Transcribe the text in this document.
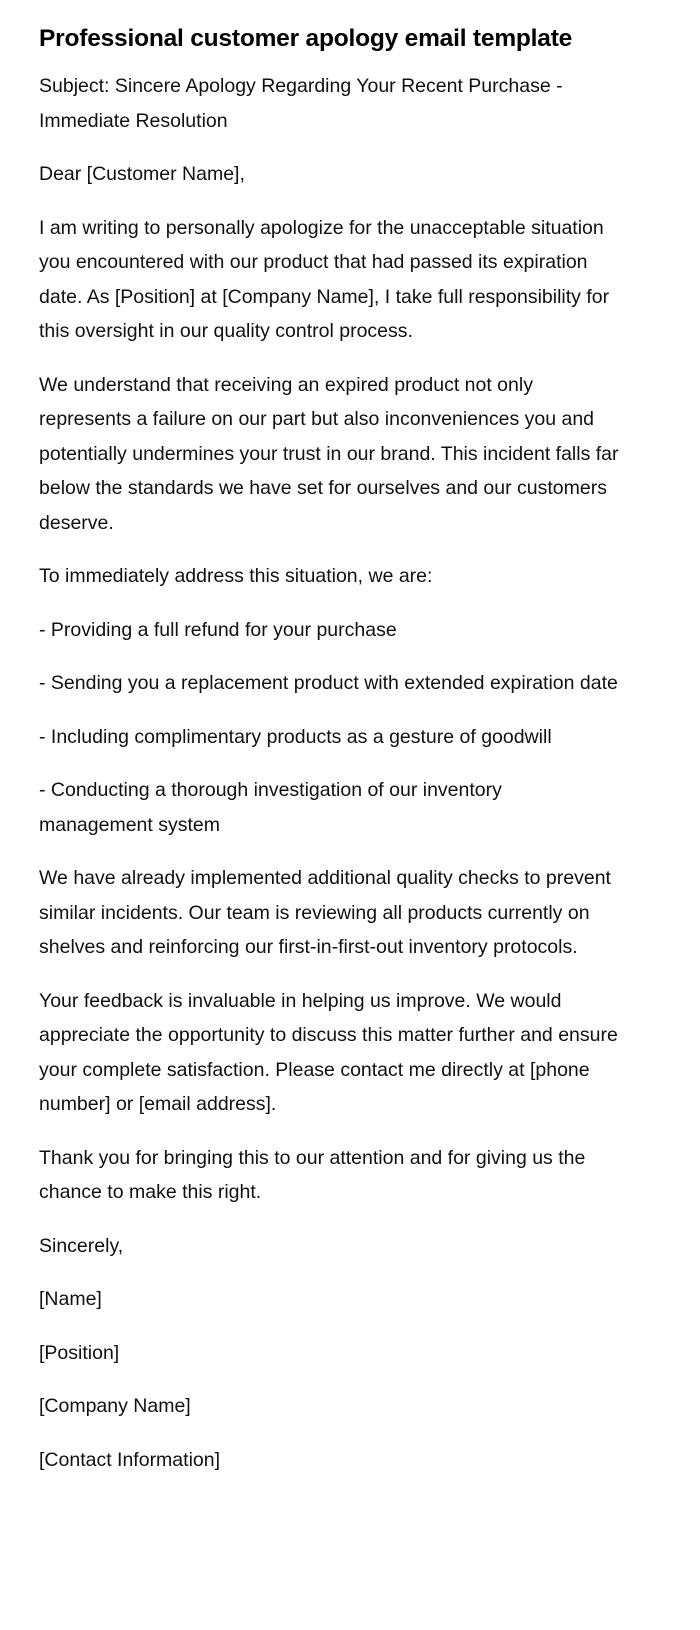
Professional customer apology email template

Subject: Sincere Apology Regarding Your Recent Purchase - Immediate Resolution

Dear [Customer Name],

I am writing to personally apologize for the unacceptable situation you encountered with our product that had passed its expiration date. As [Position] at [Company Name], I take full responsibility for this oversight in our quality control process.

We understand that receiving an expired product not only represents a failure on our part but also inconveniences you and potentially undermines your trust in our brand. This incident falls far below the standards we have set for ourselves and our customers deserve.

To immediately address this situation, we are:

- Providing a full refund for your purchase

- Sending you a replacement product with extended expiration date

- Including complimentary products as a gesture of goodwill

- Conducting a thorough investigation of our inventory management system

We have already implemented additional quality checks to prevent similar incidents. Our team is reviewing all products currently on shelves and reinforcing our first-in-first-out inventory protocols.

Your feedback is invaluable in helping us improve. We would appreciate the opportunity to discuss this matter further and ensure your complete satisfaction. Please contact me directly at [phone number] or [email address].

Thank you for bringing this to our attention and for giving us the chance to make this right.

Sincerely,

[Name]

[Position]

[Company Name]

[Contact Information]
